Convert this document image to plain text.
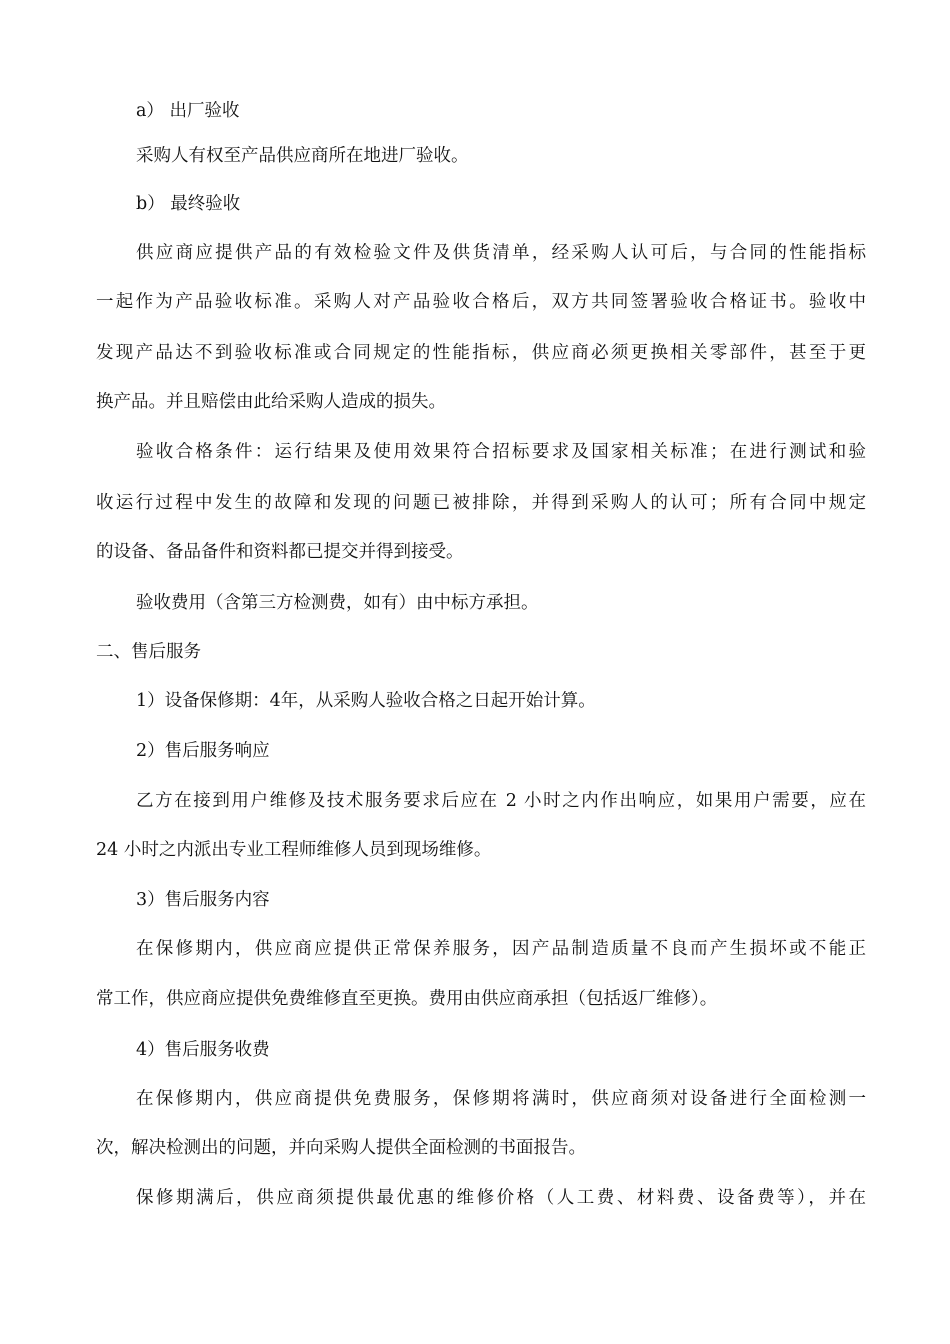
a） 出厂验收
采购人有权至产品供应商所在地进厂验收。
b） 最终验收
供应商应提供产品的有效检验文件及供货清单，经采购人认可后，与合同的性能指标
一起作为产品验收标准。采购人对产品验收合格后，双方共同签署验收合格证书。验收中
发现产品达不到验收标准或合同规定的性能指标，供应商必须更换相关零部件，甚至于更
换产品。并且赔偿由此给采购人造成的损失。
验收合格条件：运行结果及使用效果符合招标要求及国家相关标准；在进行测试和验
收运行过程中发生的故障和发现的问题已被排除，并得到采购人的认可；所有合同中规定
的设备、备品备件和资料都已提交并得到接受。
验收费用（含第三方检测费，如有）由中标方承担。
二、售后服务
1）设备保修期：4年，从采购人验收合格之日起开始计算。
2）售后服务响应
乙方在接到用户维修及技术服务要求后应在 2 小时之内作出响应，如果用户需要，应在
24 小时之内派出专业工程师维修人员到现场维修。
3）售后服务内容
在保修期内，供应商应提供正常保养服务，因产品制造质量不良而产生损坏或不能正
常工作，供应商应提供免费维修直至更换。费用由供应商承担（包括返厂维修）。
4）售后服务收费
在保修期内，供应商提供免费服务，保修期将满时，供应商须对设备进行全面检测一
次，解决检测出的问题，并向采购人提供全面检测的书面报告。
保修期满后，供应商须提供最优惠的维修价格（人工费、材料费、设备费等），并在
